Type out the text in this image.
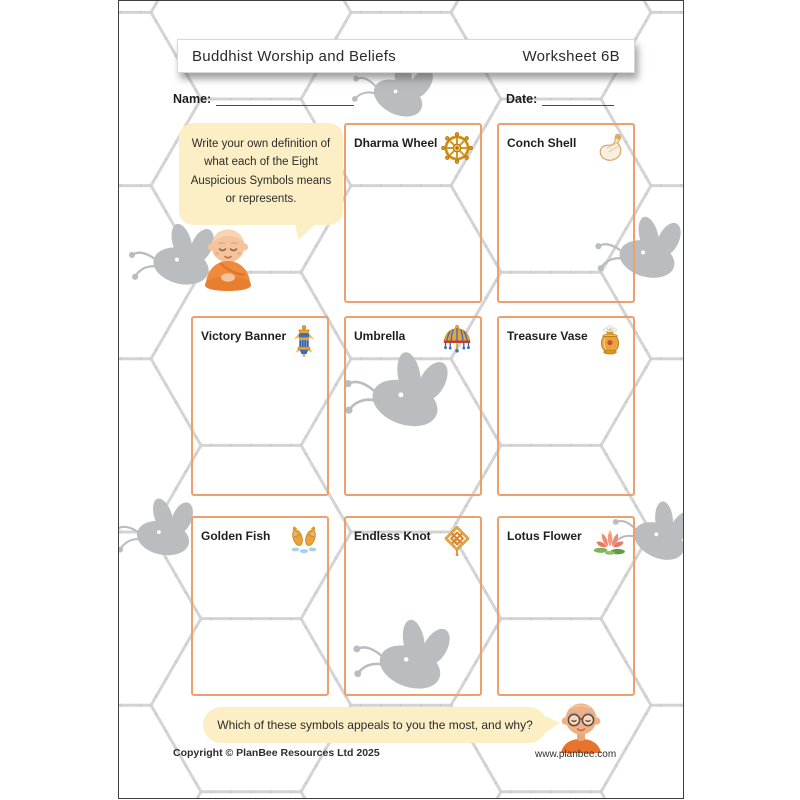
Buddhist Worship and Beliefs	Worksheet 6B
Name:	Date:
Write your own definition of what each of the Eight Auspicious Symbols means or represents.
Dharma Wheel	Conch Shell
Victory Banner	Umbrella	Treasure Vase
Golden Fish	Endless Knot	Lotus Flower
Which of these symbols appeals to you the most, and why?
Copyright © PlanBee Resources Ltd 2025	www.planbee.com
